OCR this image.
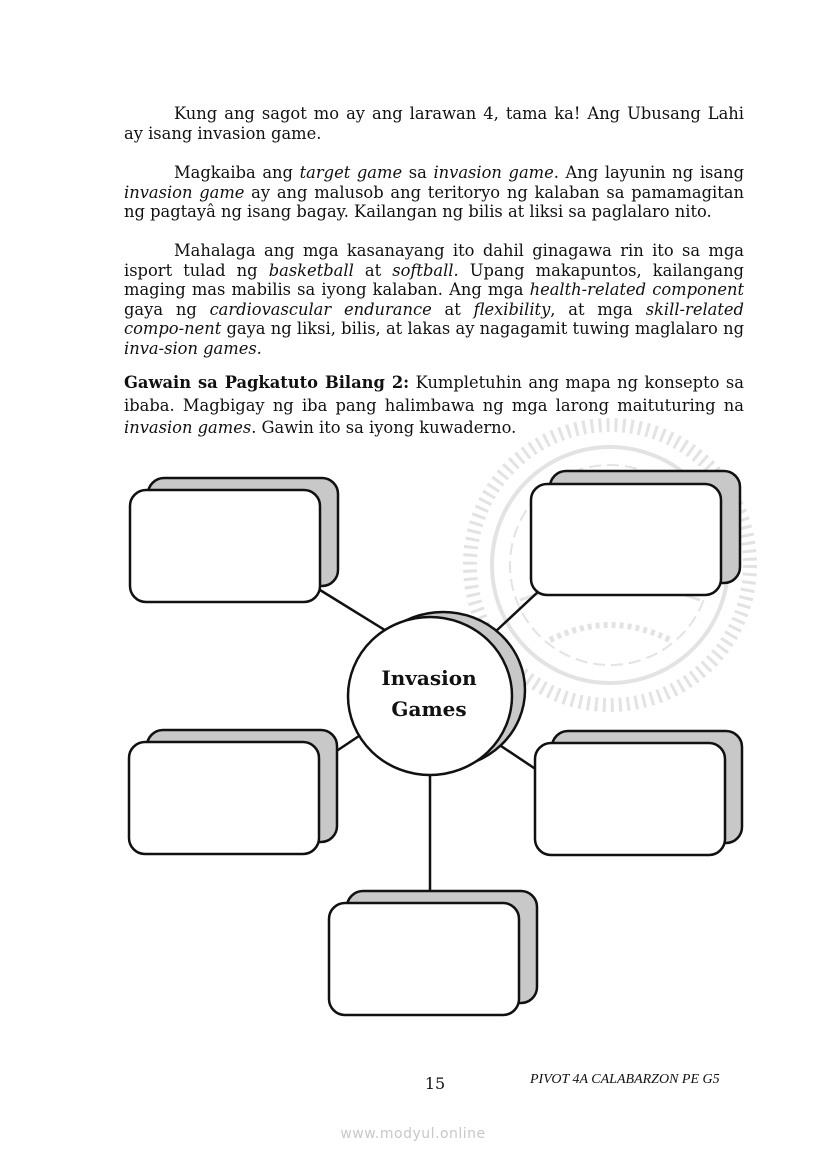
Kung ang sagot mo ay ang larawan 4, tama ka! Ang Ubusang Lahi ay isang invasion game.
Magkaiba ang target game sa invasion game. Ang layunin ng isang invasion game ay ang malusob ang teritoryo ng kalaban sa pamamagitan ng pagtayâ ng isang bagay. Kailangan ng bilis at liksi sa paglalaro nito.
Mahalaga ang mga kasanayang ito dahil ginagawa rin ito sa mga isport tulad ng basketball at softball. Upang makapuntos, kailangang maging mas mabilis sa iyong kalaban. Ang mga health-related component gaya ng cardiovascular endurance at flexibility, at mga skill-related compo-nent gaya ng liksi, bilis, at lakas ay nagagamit tuwing maglalaro ng inva-sion games.
Gawain sa Pagkatuto Bilang 2: Kumpletuhin ang mapa ng konsepto sa ibaba. Magbigay ng iba pang halimbawa ng mga larong maituturing na invasion games. Gawin ito sa iyong kuwaderno.
Invasion
Games
15	PIVOT 4A CALABARZON PE G5
www.modyul.online
